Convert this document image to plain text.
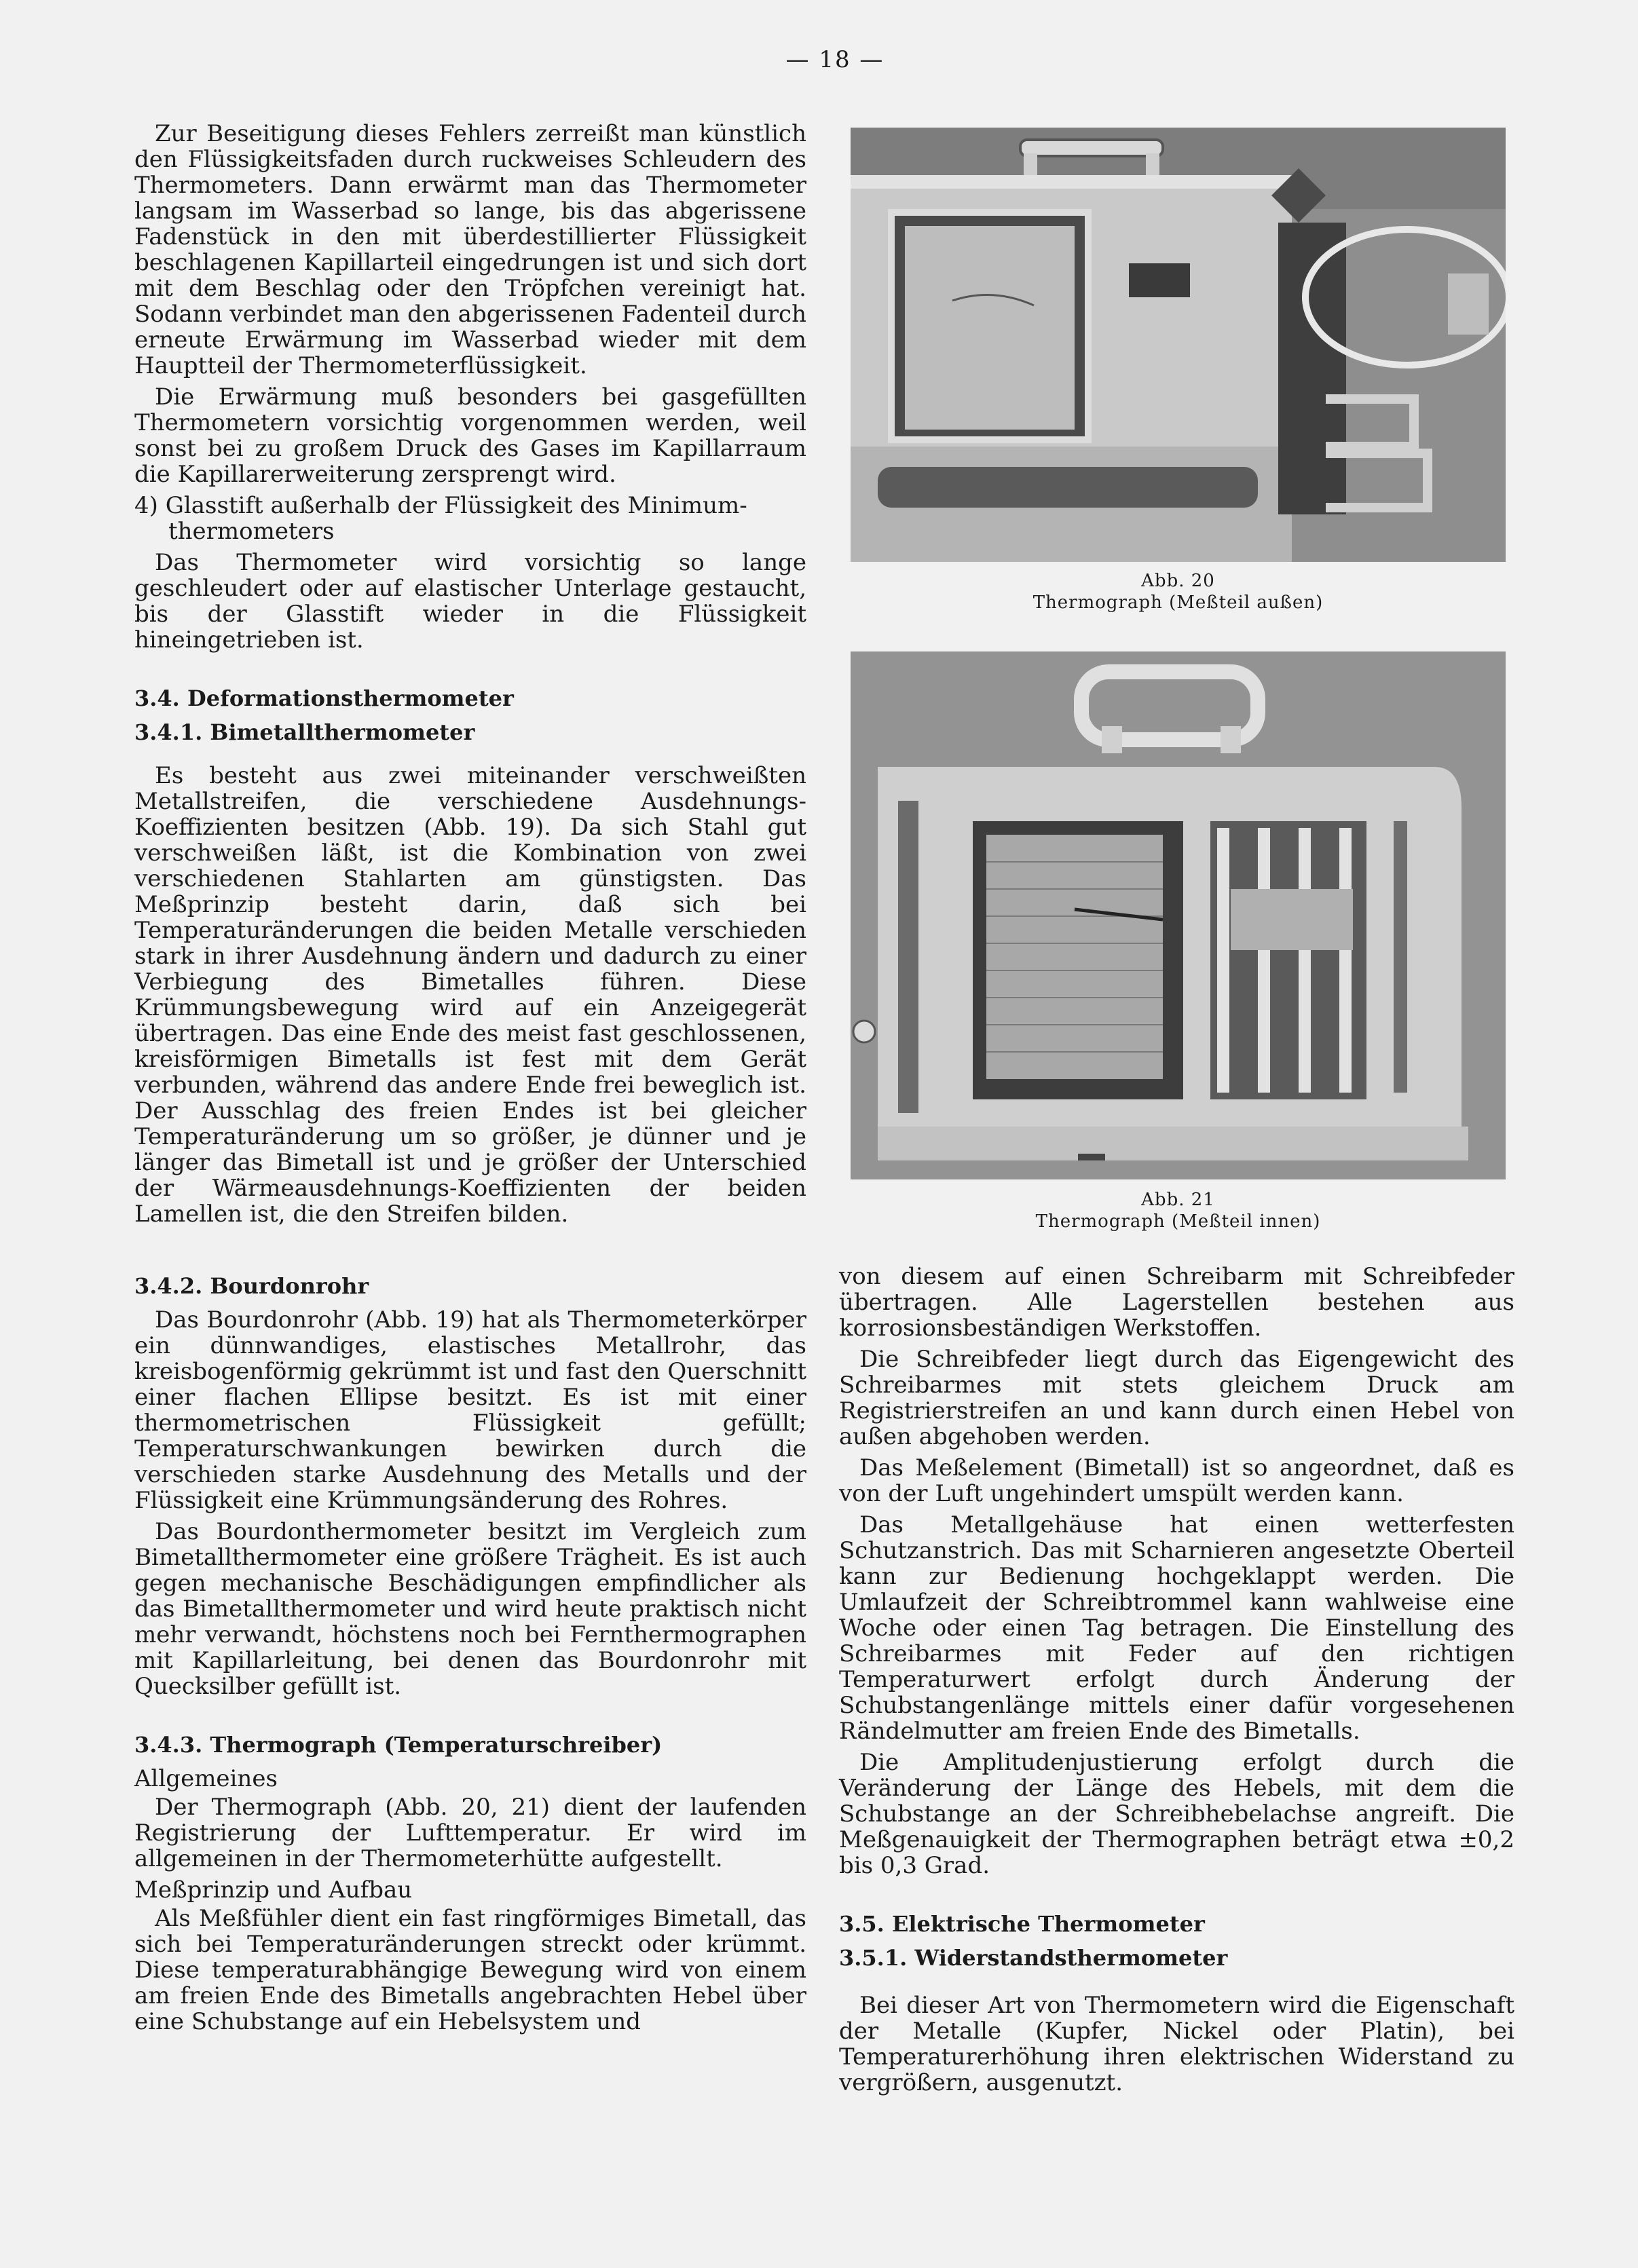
— 18 —

Zur Beseitigung dieses Fehlers zerreißt man künstlich den Flüssigkeitsfaden durch ruckweises Schleudern des Thermometers. Dann erwärmt man das Thermometer langsam im Wasserbad so lange, bis das abgerissene Fadenstück in den mit überdestillierter Flüssigkeit beschlagenen Kapillarteil eingedrungen ist und sich dort mit dem Beschlag oder den Tröpfchen vereinigt hat. Sodann verbindet man den abgerissenen Fadenteil durch erneute Erwärmung im Wasserbad wieder mit dem Hauptteil der Thermometerflüssigkeit.

Die Erwärmung muß besonders bei gasgefüllten Thermometern vorsichtig vorgenommen werden, weil sonst bei zu großem Druck des Gases im Kapillarraum die Kapillarerweiterung zersprengt wird.

4) Glasstift außerhalb der Flüssigkeit des Minimum-
thermometers

Das Thermometer wird vorsichtig so lange geschleudert oder auf elastischer Unterlage gestaucht, bis der Glasstift wieder in die Flüssigkeit hineingetrieben ist.

3.4. Deformationsthermometer
3.4.1. Bimetallthermometer

Es besteht aus zwei miteinander verschweißten Metallstreifen, die verschiedene Ausdehnungs-Koeffizienten besitzen (Abb. 19). Da sich Stahl gut verschweißen läßt, ist die Kombination von zwei verschiedenen Stahlarten am günstigsten. Das Meßprinzip besteht darin, daß sich bei Temperaturänderungen die beiden Metalle verschieden stark in ihrer Ausdehnung ändern und dadurch zu einer Verbiegung des Bimetalles führen. Diese Krümmungsbewegung wird auf ein Anzeigegerät übertragen. Das eine Ende des meist fast geschlossenen, kreisförmigen Bimetalls ist fest mit dem Gerät verbunden, während das andere Ende frei beweglich ist. Der Ausschlag des freien Endes ist bei gleicher Temperaturänderung um so größer, je dünner und je länger das Bimetall ist und je größer der Unterschied der Wärmeausdehnungs-Koeffizienten der beiden Lamellen ist, die den Streifen bilden.

3.4.2. Bourdonrohr

Das Bourdonrohr (Abb. 19) hat als Thermometerkörper ein dünnwandiges, elastisches Metallrohr, das kreisbogenförmig gekrümmt ist und fast den Querschnitt einer flachen Ellipse besitzt. Es ist mit einer thermometrischen Flüssigkeit gefüllt; Temperaturschwankungen bewirken durch die verschieden starke Ausdehnung des Metalls und der Flüssigkeit eine Krümmungsänderung des Rohres.

Das Bourdonthermometer besitzt im Vergleich zum Bimetallthermometer eine größere Trägheit. Es ist auch gegen mechanische Beschädigungen empfindlicher als das Bimetallthermometer und wird heute praktisch nicht mehr verwandt, höchstens noch bei Fernthermographen mit Kapillarleitung, bei denen das Bourdonrohr mit Quecksilber gefüllt ist.

3.4.3. Thermograph (Temperaturschreiber)

Allgemeines

Der Thermograph (Abb. 20, 21) dient der laufenden Registrierung der Lufttemperatur. Er wird im allgemeinen in der Thermometerhütte aufgestellt.

Meßprinzip und Aufbau

Als Meßfühler dient ein fast ringförmiges Bimetall, das sich bei Temperaturänderungen streckt oder krümmt. Diese temperaturabhängige Bewegung wird von einem am freien Ende des Bimetalls angebrachten Hebel über eine Schubstange auf ein Hebelsystem und

Abb. 20
Thermograph (Meßteil außen)
Abb. 21
Thermograph (Meßteil innen)

von diesem auf einen Schreibarm mit Schreibfeder übertragen. Alle Lagerstellen bestehen aus korrosionsbeständigen Werkstoffen.

Die Schreibfeder liegt durch das Eigengewicht des Schreibarmes mit stets gleichem Druck am Registrierstreifen an und kann durch einen Hebel von außen abgehoben werden.

Das Meßelement (Bimetall) ist so angeordnet, daß es von der Luft ungehindert umspült werden kann.

Das Metallgehäuse hat einen wetterfesten Schutzanstrich. Das mit Scharnieren angesetzte Oberteil kann zur Bedienung hochgeklappt werden. Die Umlaufzeit der Schreibtrommel kann wahlweise eine Woche oder einen Tag betragen. Die Einstellung des Schreibarmes mit Feder auf den richtigen Temperaturwert erfolgt durch Änderung der Schubstangenlänge mittels einer dafür vorgesehenen Rändelmutter am freien Ende des Bimetalls.

Die Amplitudenjustierung erfolgt durch die Veränderung der Länge des Hebels, mit dem die Schubstange an der Schreibhebelachse angreift. Die Meßgenauigkeit der Thermographen beträgt etwa ±0,2 bis 0,3 Grad.

3.5. Elektrische Thermometer
3.5.1. Widerstandsthermometer

Bei dieser Art von Thermometern wird die Eigenschaft der Metalle (Kupfer, Nickel oder Platin), bei Temperaturerhöhung ihren elektrischen Widerstand zu vergrößern, ausgenutzt.
